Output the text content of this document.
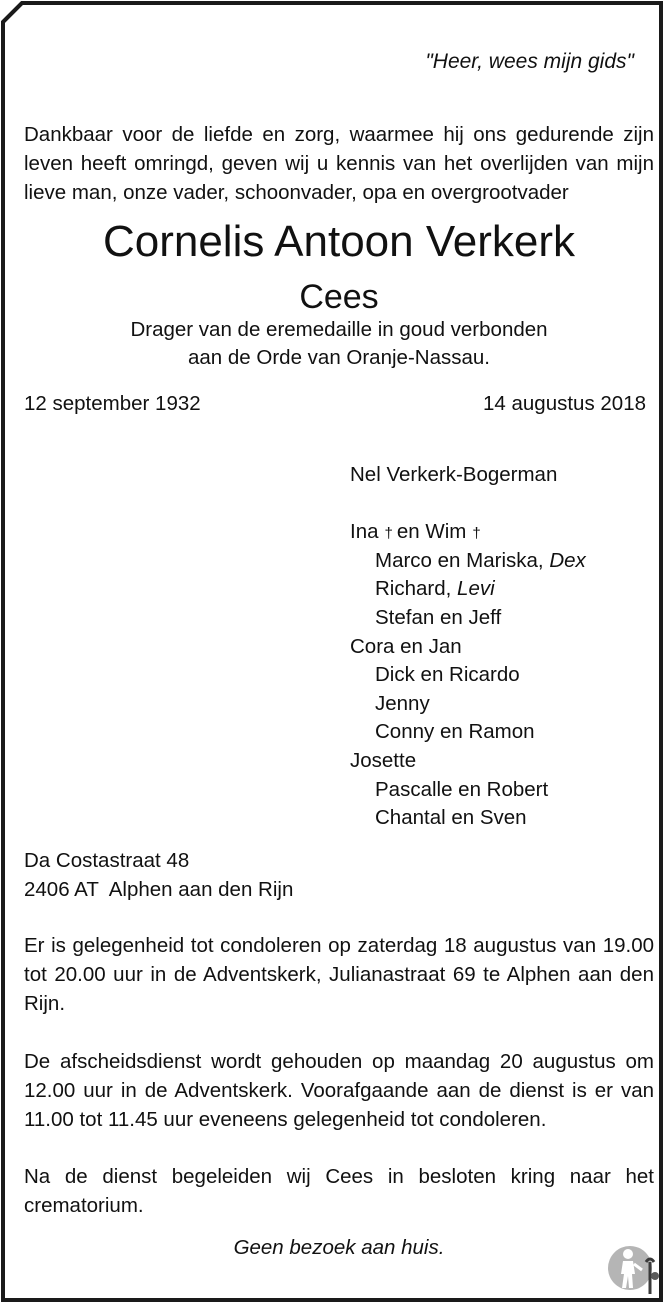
"Heer, wees mijn gids"
Dankbaar voor de liefde en zorg, waarmee hij ons gedurende zijn
leven heeft omringd, geven wij u kennis van het overlijden van mijn
lieve man, onze vader, schoonvader, opa en overgrootvader
Cornelis Antoon Verkerk
Cees
Drager van de eremedaille in goud verbonden
aan de Orde van Oranje-Nassau.
12 september 1932	14 augustus 2018
Nel Verkerk-Bogerman
Ina † en Wim †
Marco en Mariska, Dex
Richard, Levi
Stefan en Jeff
Cora en Jan
Dick en Ricardo
Jenny
Conny en Ramon
Josette
Pascalle en Robert
Chantal en Sven
Da Costastraat 48
2406 AT  Alphen aan den Rijn
Er is gelegenheid tot condoleren op zaterdag 18 augustus van 19.00 tot 20.00 uur in de Adventskerk, Julianastraat 69 te Alphen aan den Rijn.
De afscheidsdienst wordt gehouden op maandag 20 augustus om 12.00 uur in de Adventskerk. Voorafgaande aan de dienst is er van 11.00 tot 11.45 uur eveneens gelegenheid tot condoleren.
Na de dienst begeleiden wij Cees in besloten kring naar het crematorium.
Geen bezoek aan huis.
